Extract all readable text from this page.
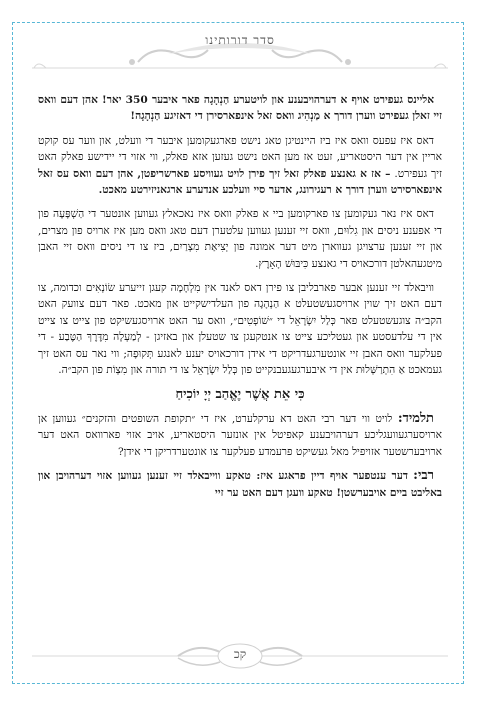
סדר דורותינו

אליינס געפירט אויף א דערהויבענע און לויטערע הַנְהָגָה פאר איבער 350 יאר! אהן דעם וואס זיי זאלן געפירט ווערן דורך א מַנְהִיג וואס זאל אינפארסירן די דאזיגע הַנְהָגָה!

דאס איז עפעס וואס איז ביז היינטיגן טאג נישט פארגעקומען איבער די וועלט, און ווער עס קוקט אריין אין דער היסטאריע, זעט אז מען האט נישט געזען אזא פאלק, ווי אזוי די יידישע פאלק האט זיך געפירט. – אז א גאנצע פאלק זאל זיך פירן לויט געוויסע פארשריפטן, אהן דעם וואס עס זאל אינפארסירט ווערן דורך א רעגירונג, אדער סיי וועלכע אנדערע ארגאניזירטע מאכט.

דאס איז נאר געקומען צו פארקומען ביי א פאלק וואס איז נאכאלץ געווען אונטער די הַשְׁפָּעָה פון די אפענע ניסים און גִלוּיִם, וואס זיי זענען געווען עלטערן דעם טאג וואס מען איז ארויס פון מצרים, און זיי זענען ערצויגן געווארן מיט דער אמונה פון יְצִיאַת מִצְרַיִם, ביז צו די ניסים וואס זיי האבן מיטגעהאלטן דורכאויס די גאנצע כִּיבּוּשׁ הָאָרֶץ.

וויבאלד זיי זענען אבער פארבליבן צו פירן דאס לאנד אין מִלְחָמָה קעגן זייערע שׂוֹנְאִים וכדומה, צו דעם האט זיך שוין ארויסגעשטעלט א הַנְהָגָה פון העלדישקייט און מאכט. פאר דעם צוועק האט הקב״ה צוגעשטעלט פאר כְּלַל יִשְׂרָאֵל די ״שׁוֹפְטִים״, וואס ער האט ארויסגעשיקט פון צייט צו צייט אין די עלדעסטע און געטליכע צייט צו אנטקעגן צו שטעלן און באזיגן - לְמַעְלָה מִדֶּרֶךְ הַטֶּבַע - די פעלקער וואס האבן זיי אונטערגעדריקט די אידן דורכאויס יענע לאנגע תְּקוּפָה; ווי נאר עס האט זיך געמאכט אַ הִתְרַשְּׁלוּת אין די איבערגעגעבנקייט פון כְּלַל יִשְׂרָאֵל צו די תורה און מִצְוֹת פון הקב״ה.

כִּי אֵת אֲשֶׁר יֶאֱהַב יְיָ יוֹכִיחַ

תלמיד: לויט ווי דער רבי האט דא ערקלערט, איז די ״תקופת השופטים והזקנים״ געווען אן ארויסערגעוועגליכע דערהויבענע קאפיטל אין אונזער היסטאריע, אויב אזוי פארוואס האט דער ארויבערשטער אזויפיל מאל געשיקט פרעמדע פעלקער צו אונטערדריקן די אידן?

רבי: דער ענטפער אויף דיין פראגע איז: טאקע ווייבאלד זיי זענען געווען אזוי דערהויבן און באליבט ביים אויבערשטן! טאקע וועגן דעם האט ער זיי

קכ
